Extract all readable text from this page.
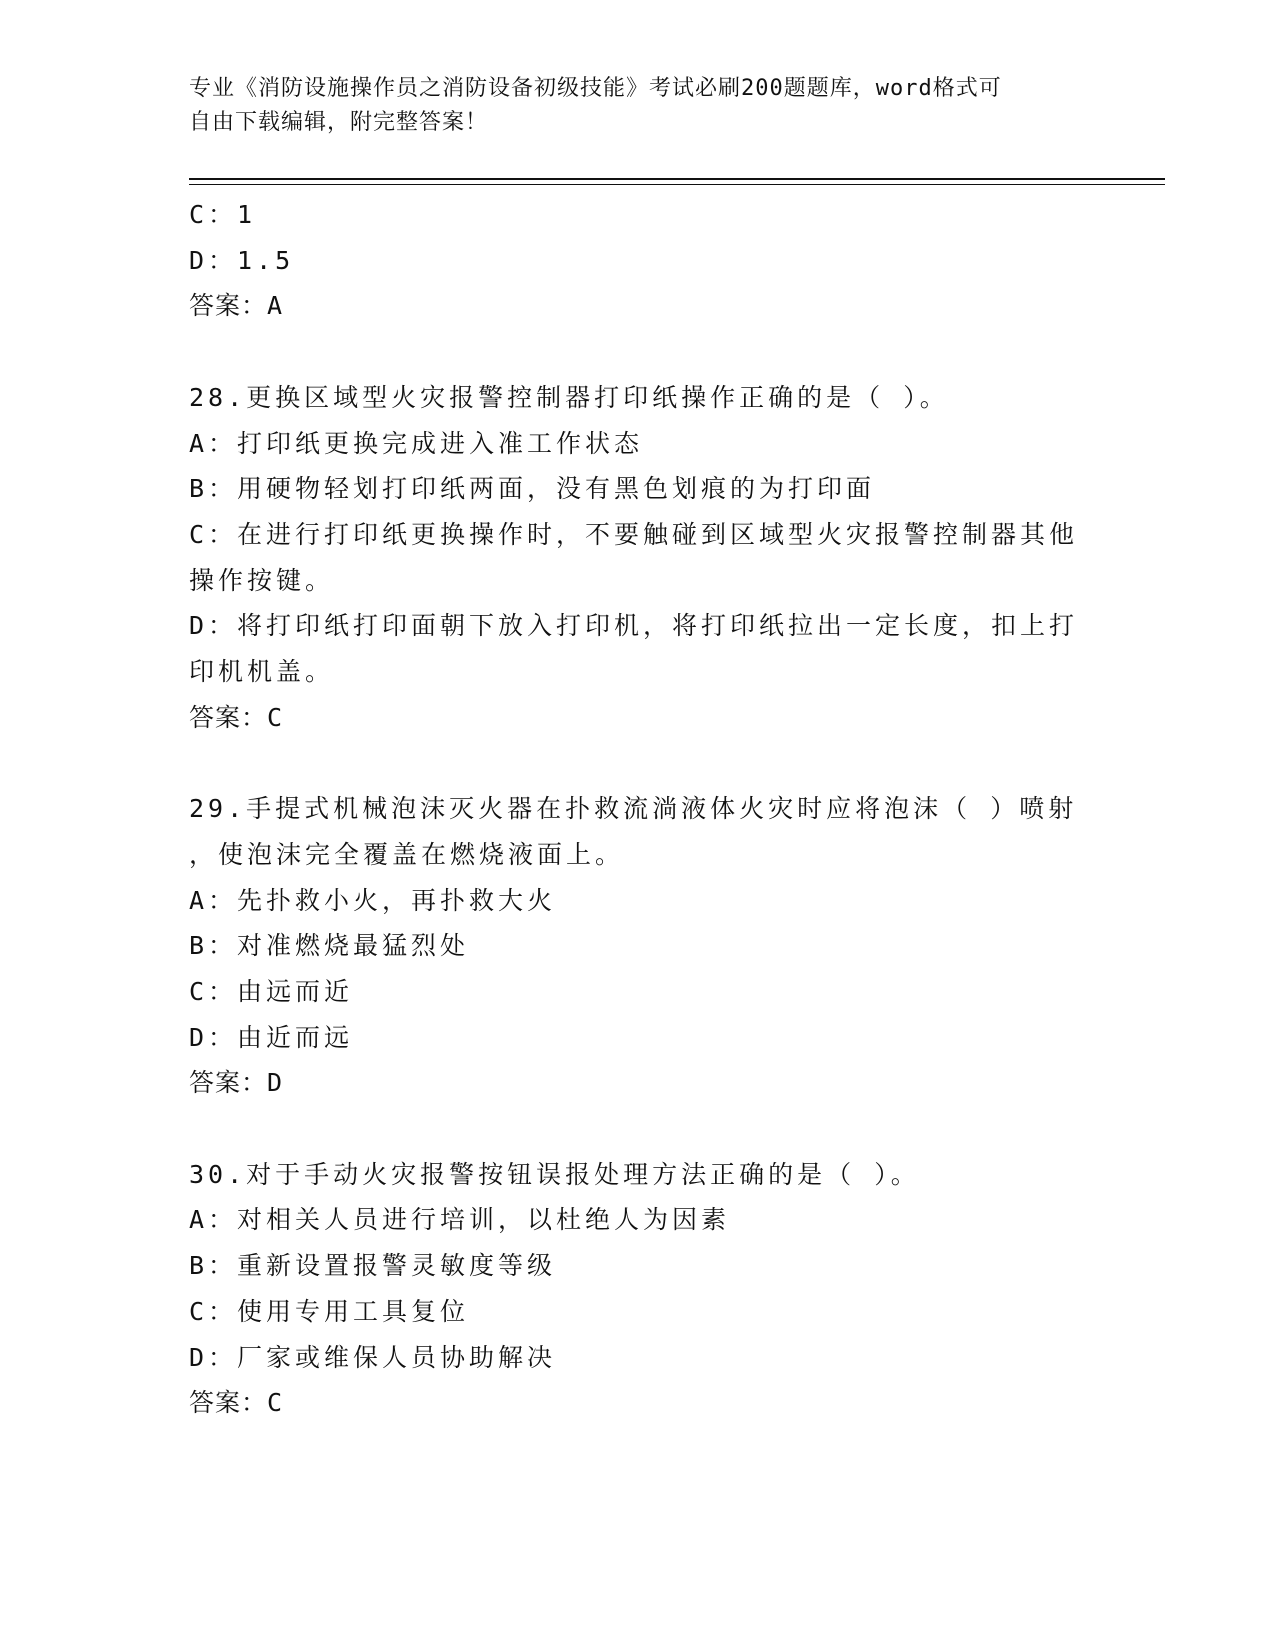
专业《消防设施操作员之消防设备初级技能》考试必刷200题题库，word格式可
自由下载编辑，附完整答案！
C：1
D：1.5
答案：A
28.更换区域型火灾报警控制器打印纸操作正确的是（ ）。
A：打印纸更换完成进入准工作状态
B：用硬物轻划打印纸两面，没有黑色划痕的为打印面
C：在进行打印纸更换操作时，不要触碰到区域型火灾报警控制器其他
操作按键。
D：将打印纸打印面朝下放入打印机，将打印纸拉出一定长度，扣上打
印机机盖。
答案：C
29.手提式机械泡沫灭火器在扑救流淌液体火灾时应将泡沫（ ）喷射
，使泡沫完全覆盖在燃烧液面上。
A：先扑救小火，再扑救大火
B：对准燃烧最猛烈处
C：由远而近
D：由近而远
答案：D
30.对于手动火灾报警按钮误报处理方法正确的是（ ）。
A：对相关人员进行培训，以杜绝人为因素
B：重新设置报警灵敏度等级
C：使用专用工具复位
D：厂家或维保人员协助解决
答案：C
